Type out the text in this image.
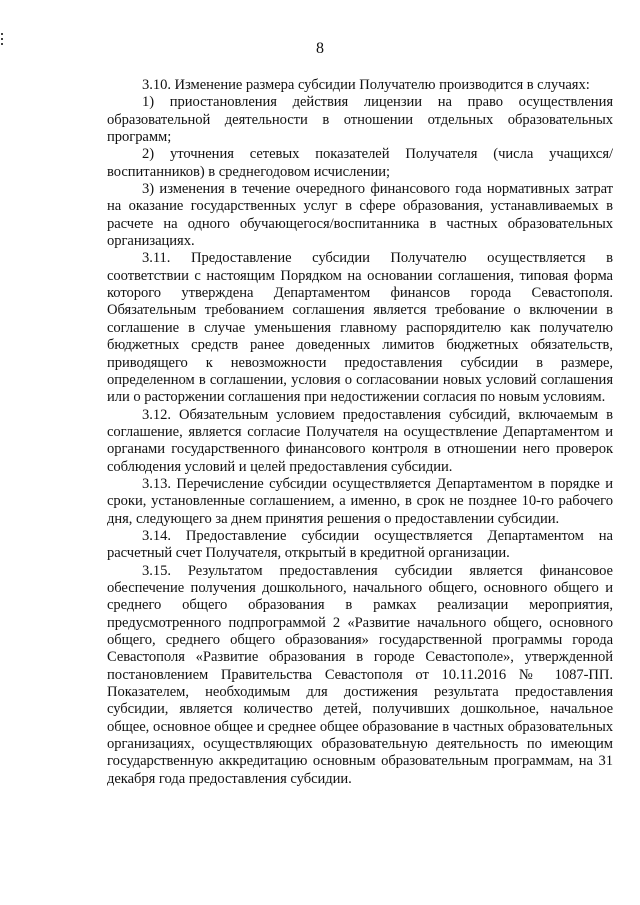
8

3.10. Изменение размера субсидии Получателю производится в случаях:

1) приостановления действия лицензии на право осуществления образовательной деятельности в отношении отдельных образовательных программ;

2) уточнения сетевых показателей Получателя (числа учащихся/воспитанников) в среднегодовом исчислении;

3) изменения в течение очередного финансового года нормативных затрат на оказание государственных услуг в сфере образования, устанавливаемых в расчете на одного обучающегося/воспитанника в частных образовательных организациях.

3.11. Предоставление субсидии Получателю осуществляется в соответствии с настоящим Порядком на основании соглашения, типовая форма которого утверждена Департаментом финансов города Севастополя. Обязательным требованием соглашения является требование о включении в соглашение в случае уменьшения главному распорядителю как получателю бюджетных средств ранее доведенных лимитов бюджетных обязательств, приводящего к невозможности предоставления субсидии в размере, определенном в соглашении, условия о согласовании новых условий соглашения или о расторжении соглашения при недостижении согласия по новым условиям.

3.12. Обязательным условием предоставления субсидий, включаемым в соглашение, является согласие Получателя на осуществление Департаментом и органами государственного финансового контроля в отношении него проверок соблюдения условий и целей предоставления субсидии.

3.13. Перечисление субсидии осуществляется Департаментом в порядке и сроки, установленные соглашением, а именно, в срок не позднее 10-го рабочего дня, следующего за днем принятия решения о предоставлении субсидии.

3.14. Предоставление субсидии осуществляется Департаментом на расчетный счет Получателя, открытый в кредитной организации.

3.15. Результатом предоставления субсидии является финансовое обеспечение получения дошкольного, начального общего, основного общего и среднего общего образования в рамках реализации мероприятия, предусмотренного подпрограммой 2 «Развитие начального общего, основного общего, среднего общего образования» государственной программы города Севастополя «Развитие образования в городе Севастополе», утвержденной постановлением Правительства Севастополя от 10.11.2016 № 1087-ПП. Показателем, необходимым для достижения результата предоставления субсидии, является количество детей, получивших дошкольное, начальное общее, основное общее и среднее общее образование в частных образовательных организациях, осуществляющих образовательную деятельность по имеющим государственную аккредитацию основным образовательным программам, на 31 декабря года предоставления субсидии.
